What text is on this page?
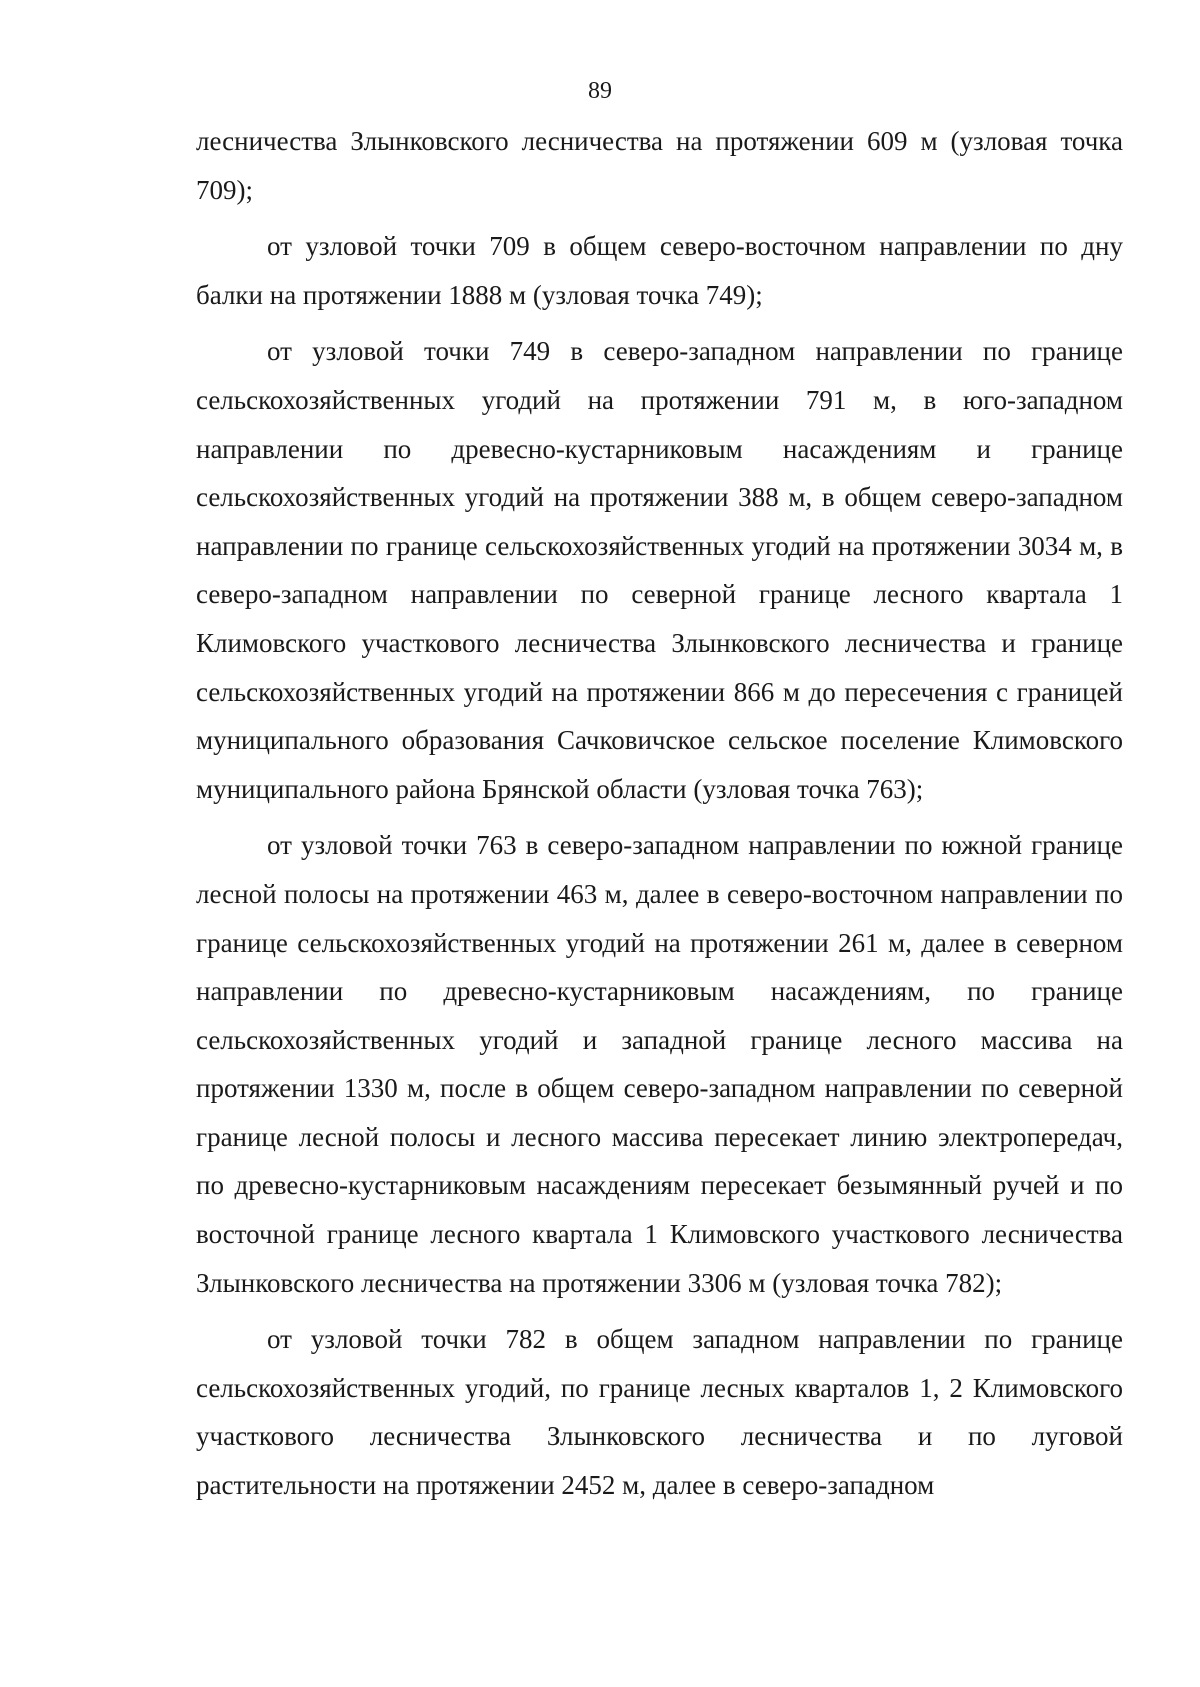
89

лесничества Злынковского лесничества на протяжении 609 м (узловая точка 709);

от узловой точки 709 в общем северо-восточном направлении по дну балки на протяжении 1888 м (узловая точка 749);

от узловой точки 749 в северо-западном направлении по границе сельскохозяйственных угодий на протяжении 791 м, в юго-западном направлении по древесно-кустарниковым насаждениям и границе сельскохозяйственных угодий на протяжении 388 м, в общем северо-западном направлении по границе сельскохозяйственных угодий на протяжении 3034 м, в северо-западном направлении по северной границе лесного квартала 1 Климовского участкового лесничества Злынковского лесничества и границе сельскохозяйственных угодий на протяжении 866 м до пересечения с границей муниципального образования Сачковичское сельское поселение Климовского муниципального района Брянской области (узловая точка 763);

от узловой точки 763 в северо-западном направлении по южной границе лесной полосы на протяжении 463 м, далее в северо-восточном направлении по границе сельскохозяйственных угодий на протяжении 261 м, далее в северном направлении по древесно-кустарниковым насаждениям, по границе сельскохозяйственных угодий и западной границе лесного массива на протяжении 1330 м, после в общем северо-западном направлении по северной границе лесной полосы и лесного массива пересекает линию электропередач, по древесно-кустарниковым насаждениям пересекает безымянный ручей и по восточной границе лесного квартала 1 Климовского участкового лесничества Злынковского лесничества на протяжении 3306 м (узловая точка 782);

от узловой точки 782 в общем западном направлении по границе сельскохозяйственных угодий, по границе лесных кварталов 1, 2 Климовского участкового лесничества Злынковского лесничества и по луговой растительности на протяжении 2452 м, далее в северо-западном
